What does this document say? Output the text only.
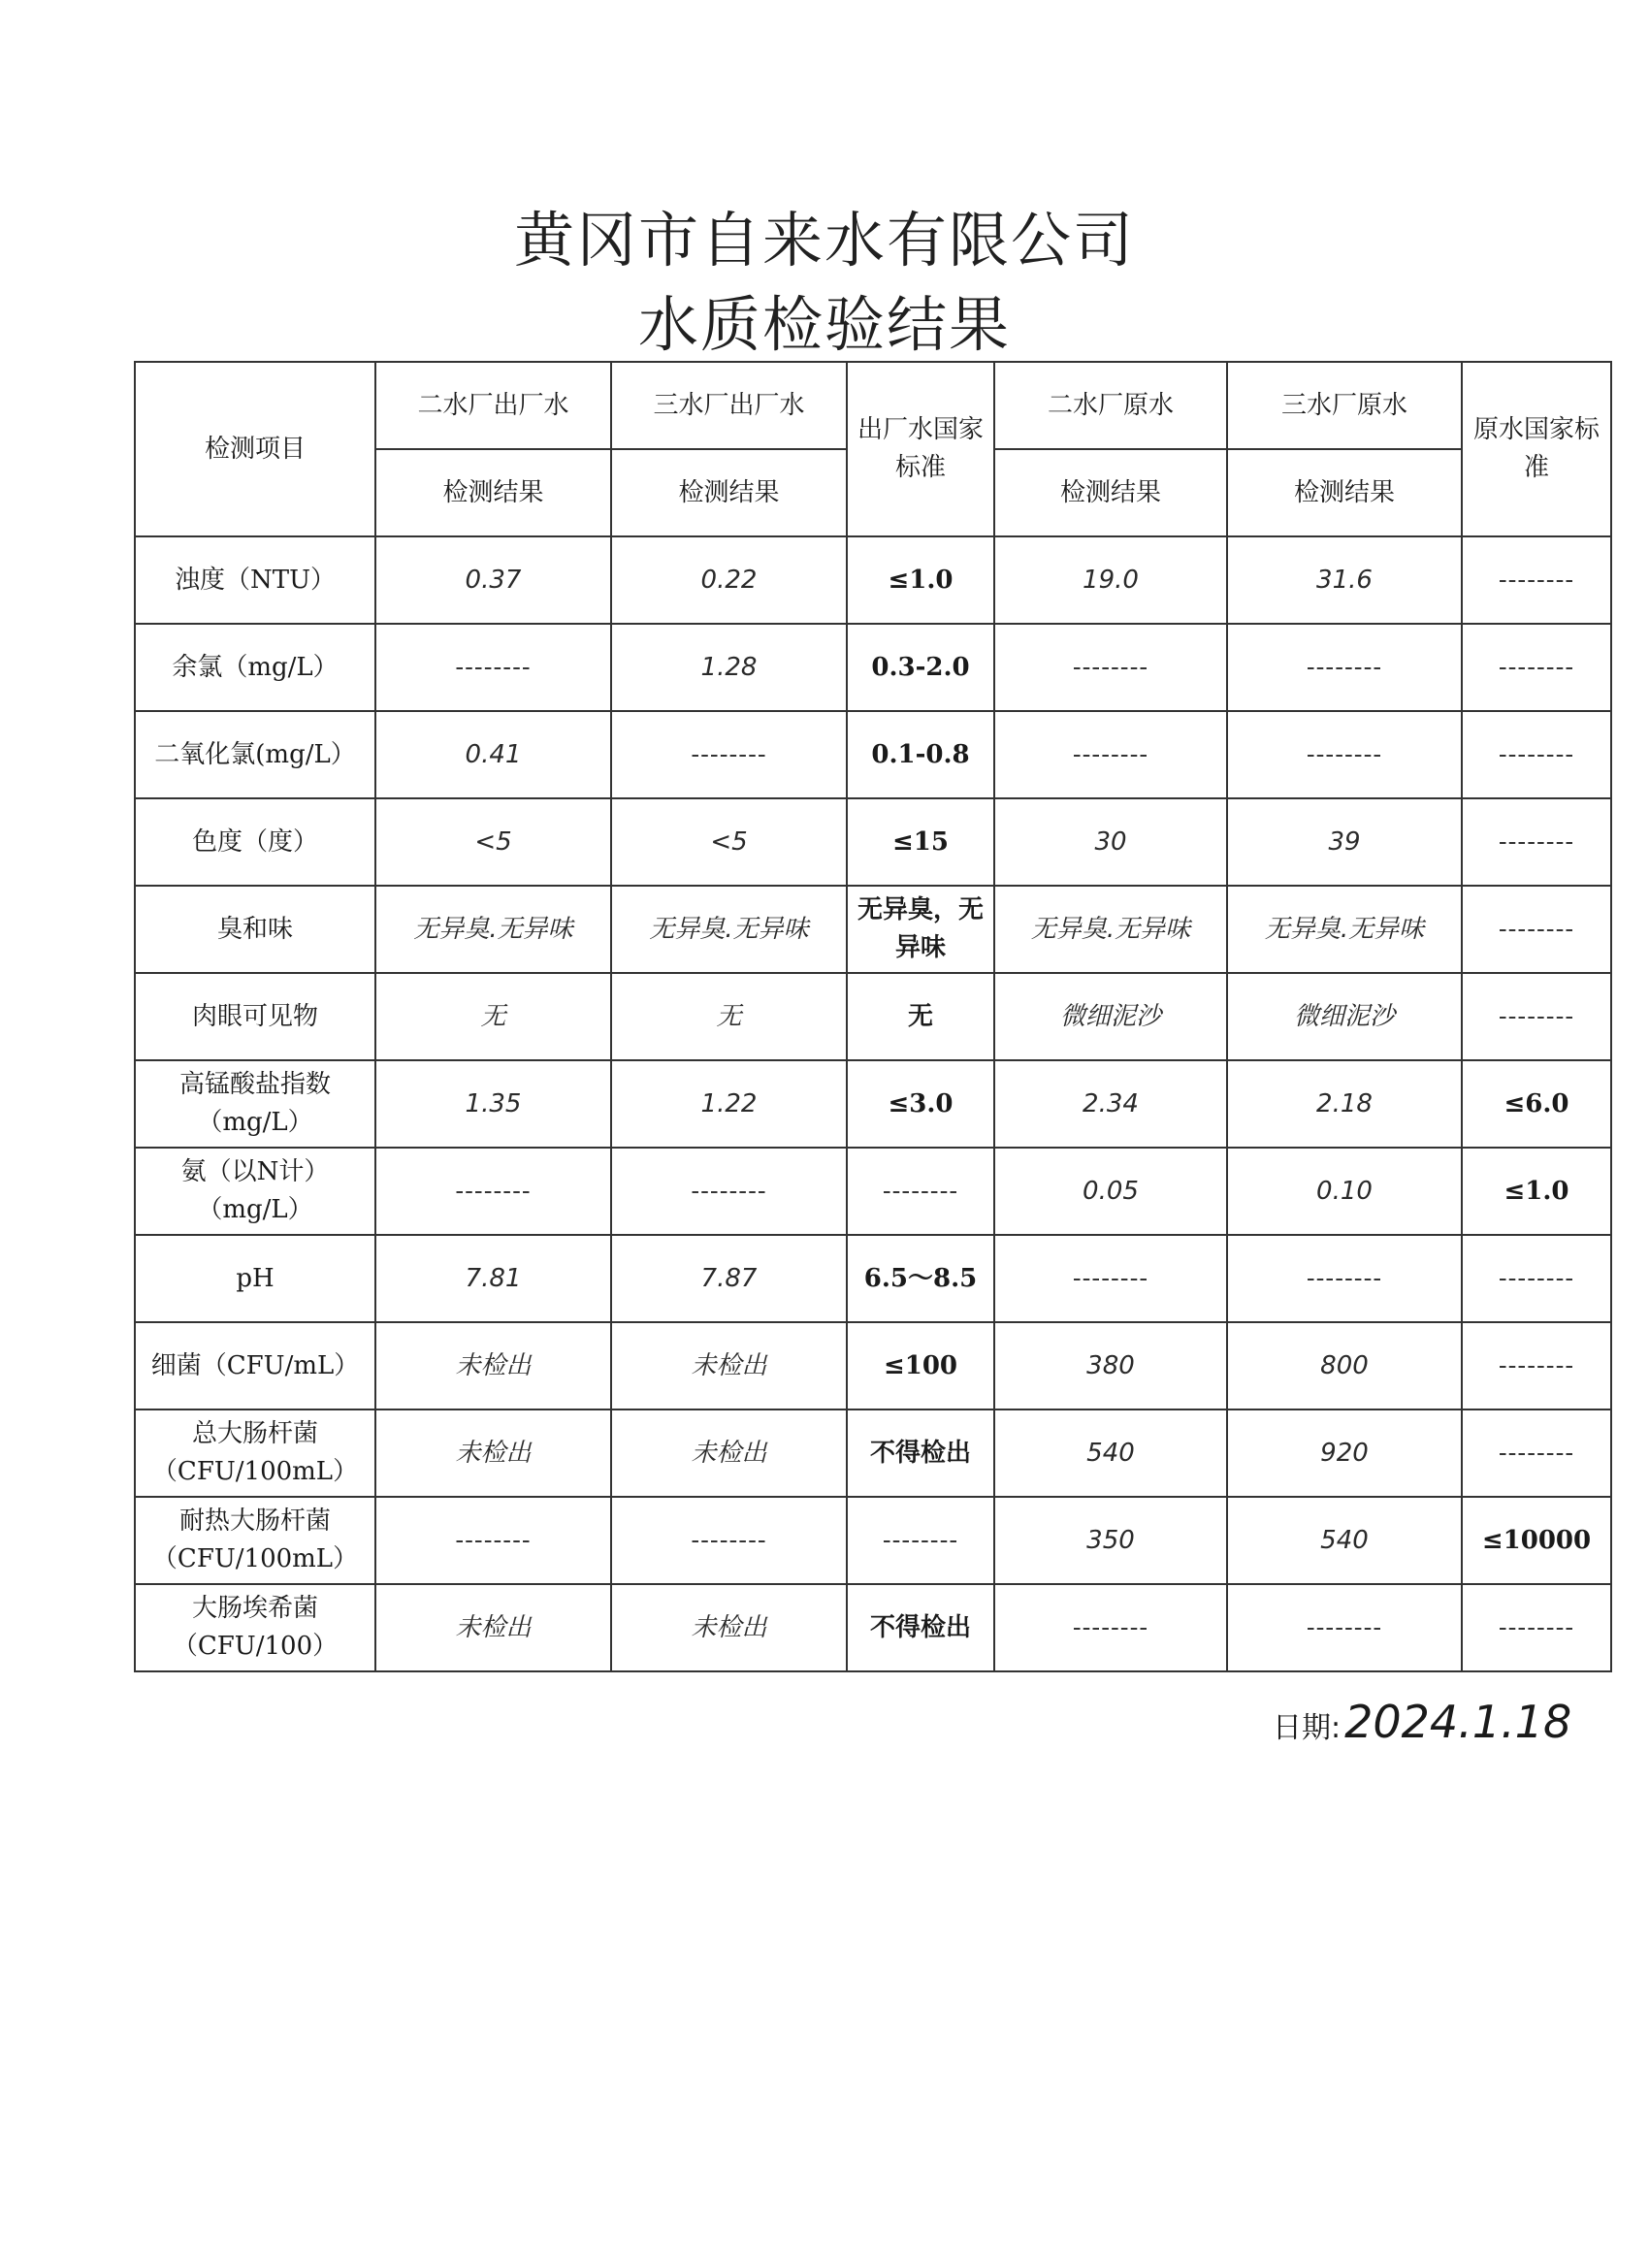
黄冈市自来水有限公司
水质检验结果
检测项目	二水厂出厂水	三水厂出厂水	出厂水国家标准	二水厂原水	三水厂原水	原水国家标准
	检测结果	检测结果		检测结果	检测结果	
浊度（NTU）	0.37	0.22	≤1.0	19.0	31.6	--------
余氯（mg/L）	--------	1.28	0.3-2.0	--------	--------	--------
二氧化氯(mg/L）	0.41	--------	0.1-0.8	--------	--------	--------
色度（度）	<5	<5	≤15	30	39	--------
臭和味	无异臭.无异味	无异臭.无异味	无异臭，无异味	无异臭.无异味	无异臭.无异味	--------
肉眼可见物	无	无	无	微细泥沙	微细泥沙	--------
高锰酸盐指数（mg/L）	1.35	1.22	≤3.0	2.34	2.18	≤6.0
氨（以N计）（mg/L）	--------	--------	--------	0.05	0.10	≤1.0
pH	7.81	7.87	6.5～8.5	--------	--------	--------
细菌（CFU/mL）	未检出	未检出	≤100	380	800	--------
总大肠杆菌（CFU/100mL）	未检出	未检出	不得检出	540	920	--------
耐热大肠杆菌（CFU/100mL）	--------	--------	--------	350	540	≤10000
大肠埃希菌（CFU/100）	未检出	未检出	不得检出	--------	--------	--------
日期:2024.1.18
